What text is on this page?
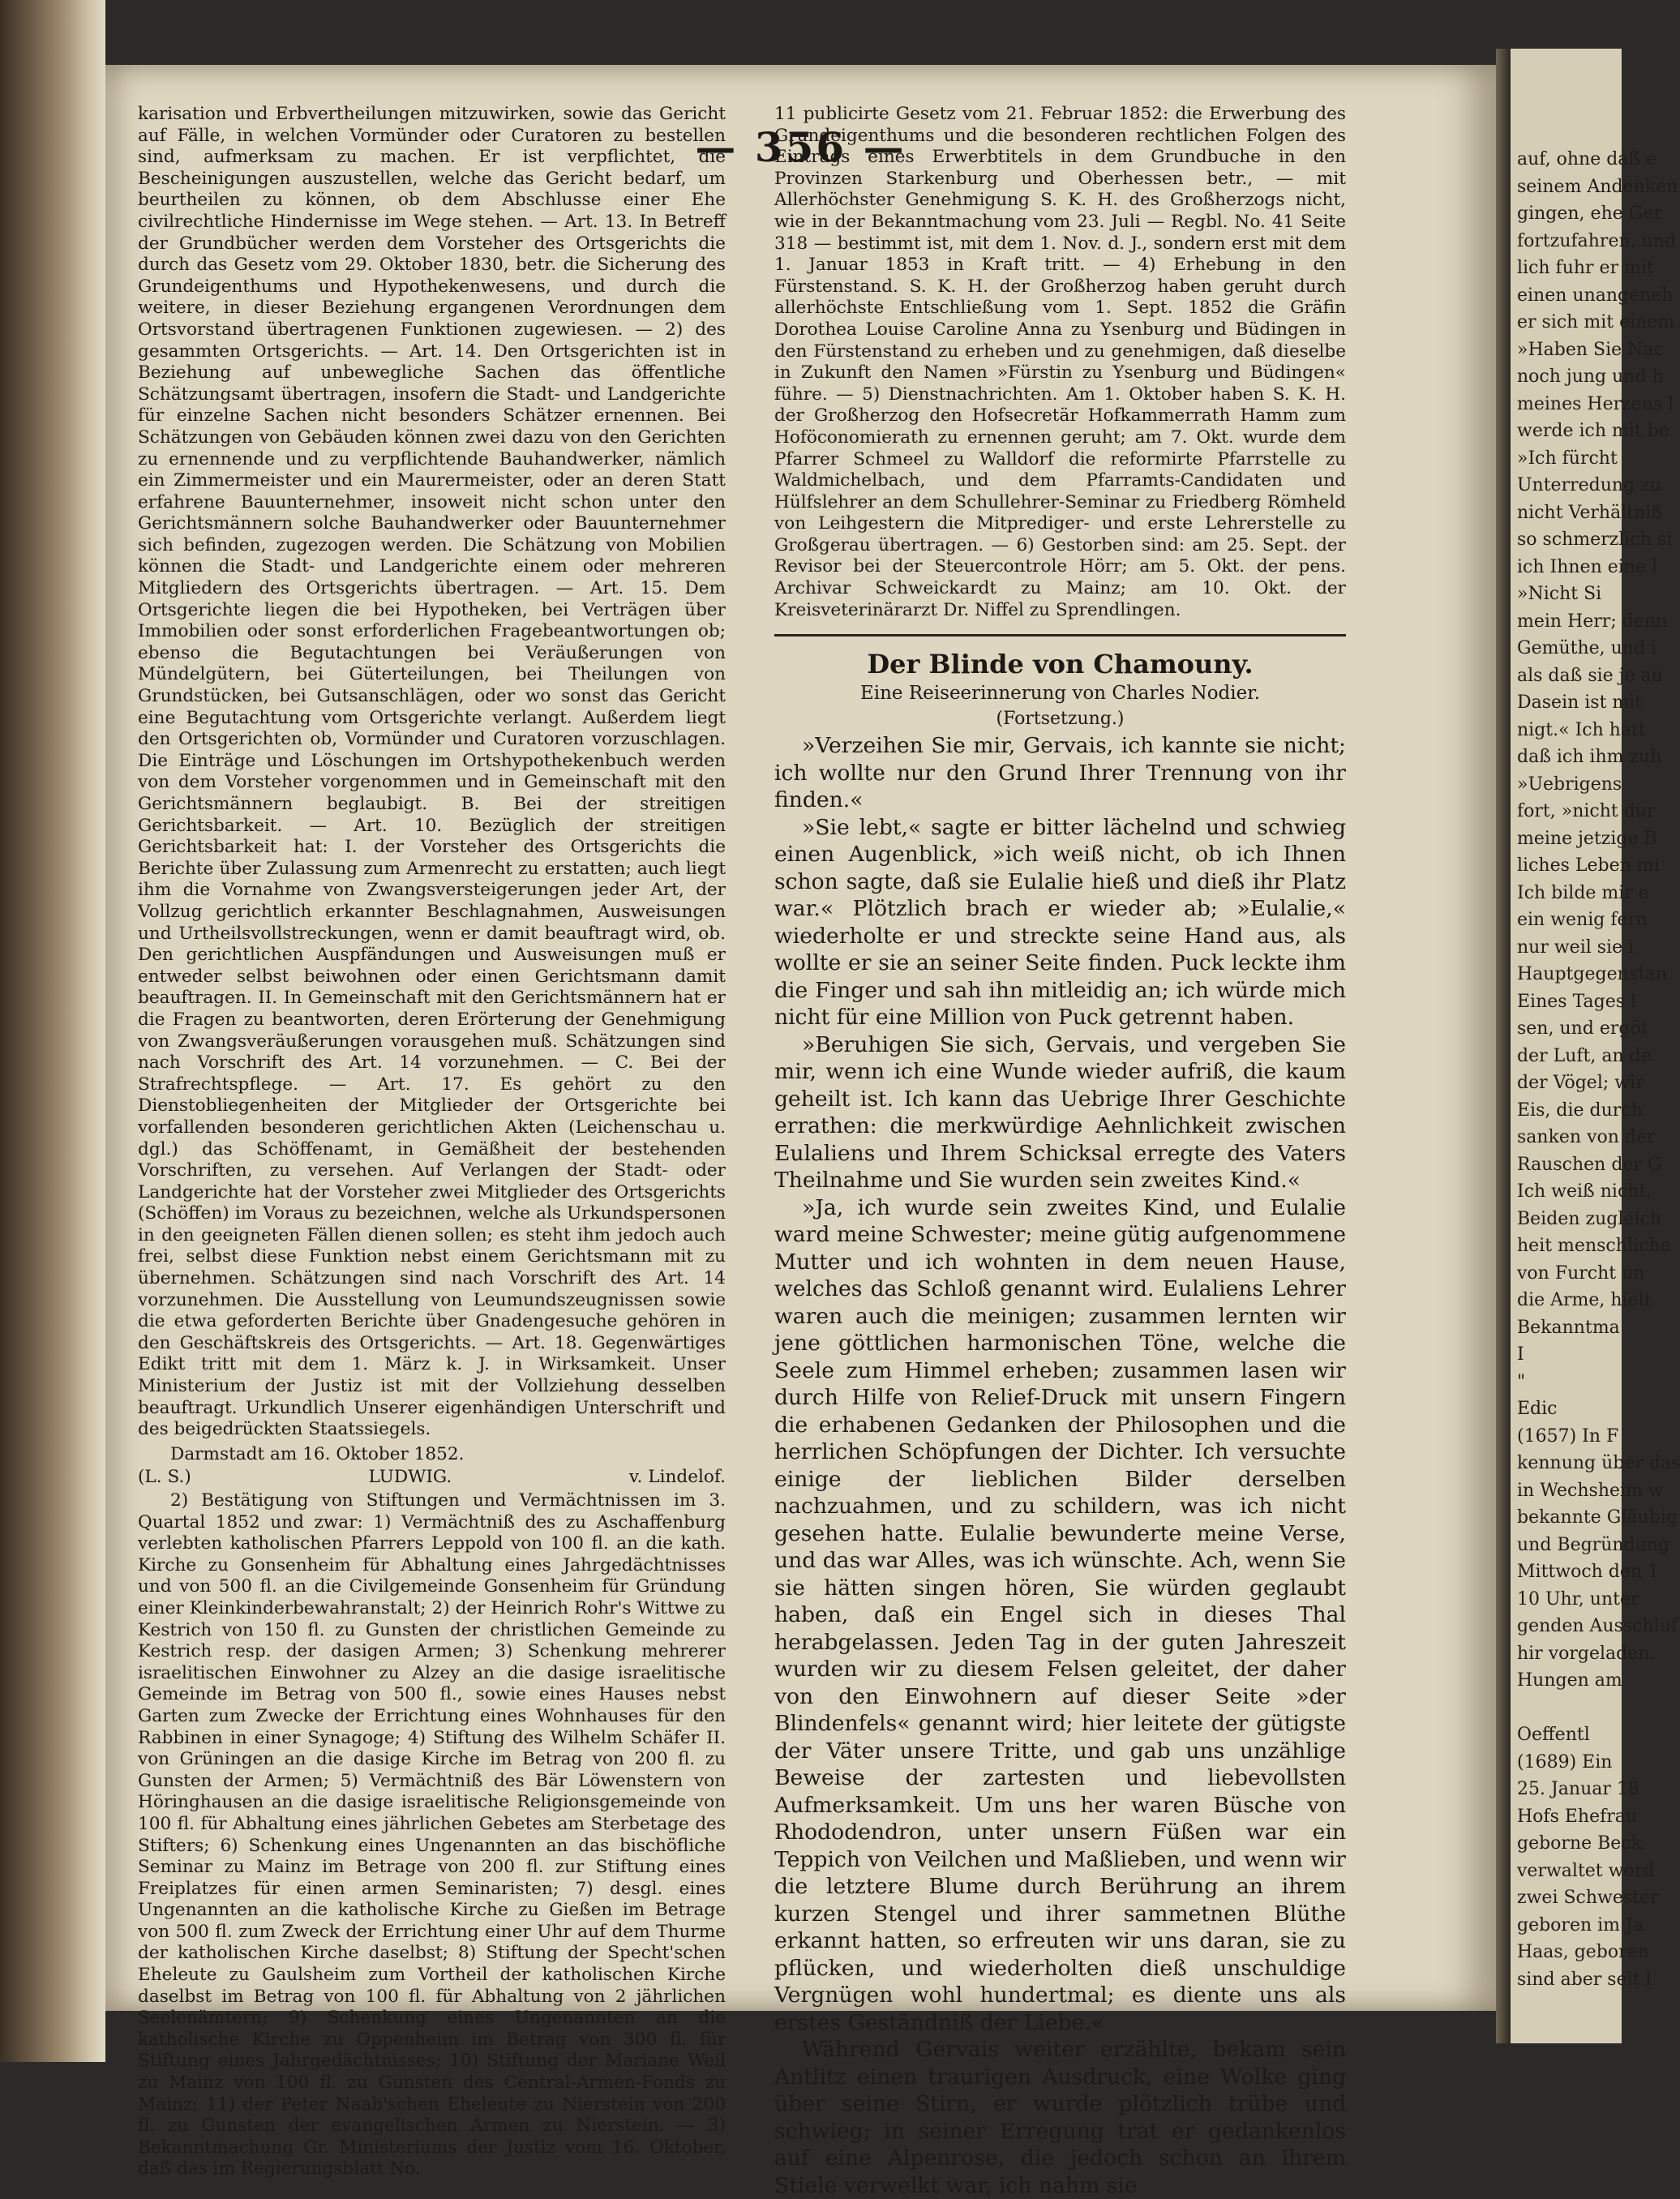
— 356 —

karisation und Erbvertheilungen mitzuwirken, sowie das Gericht auf Fälle, in welchen Vormünder oder Curatoren zu bestellen sind, aufmerksam zu machen. Er ist verpflichtet, die Bescheinigungen auszustellen, welche das Gericht bedarf, um beurtheilen zu können, ob dem Abschlusse einer Ehe civilrechtliche Hindernisse im Wege stehen. — Art. 13. In Betreff der Grundbücher werden dem Vorsteher des Ortsgerichts die durch das Gesetz vom 29. Oktober 1830, betr. die Sicherung des Grundeigenthums und Hypothekenwesens, und durch die weitere, in dieser Beziehung ergangenen Verordnungen dem Ortsvorstand übertragenen Funktionen zugewiesen. — 2) des gesammten Ortsgerichts. — Art. 14. Den Ortsgerichten ist in Beziehung auf unbewegliche Sachen das öffentliche Schätzungsamt übertragen, insofern die Stadt- und Landgerichte für einzelne Sachen nicht besonders Schätzer ernennen. Bei Schätzungen von Gebäuden können zwei dazu von den Gerichten zu ernennende und zu verpflichtende Bauhandwerker, nämlich ein Zimmermeister und ein Maurermeister, oder an deren Statt erfahrene Bauunternehmer, insoweit nicht schon unter den Gerichtsmännern solche Bauhandwerker oder Bauunternehmer sich befinden, zugezogen werden. Die Schätzung von Mobilien können die Stadt- und Landgerichte einem oder mehreren Mitgliedern des Ortsgerichts übertragen. — Art. 15. Dem Ortsgerichte liegen die bei Hypotheken, bei Verträgen über Immobilien oder sonst erforderlichen Fragebeantwortungen ob; ebenso die Begutachtungen bei Veräußerungen von Mündelgütern, bei Güterteilungen, bei Theilungen von Grundstücken, bei Gutsanschlägen, oder wo sonst das Gericht eine Begutachtung vom Ortsgerichte verlangt. Außerdem liegt den Ortsgerichten ob, Vormünder und Curatoren vorzuschlagen. Die Einträge und Löschungen im Ortshypothekenbuch werden von dem Vorsteher vorgenommen und in Gemeinschaft mit den Gerichtsmännern beglaubigt. B. Bei der streitigen Gerichtsbarkeit. — Art. 10. Bezüglich der streitigen Gerichtsbarkeit hat: I. der Vorsteher des Ortsgerichts die Berichte über Zulassung zum Armenrecht zu erstatten; auch liegt ihm die Vornahme von Zwangsversteigerungen jeder Art, der Vollzug gerichtlich erkannter Beschlagnahmen, Ausweisungen und Urtheilsvollstreckungen, wenn er damit beauftragt wird, ob. Den gerichtlichen Auspfändungen und Ausweisungen muß er entweder selbst beiwohnen oder einen Gerichtsmann damit beauftragen. II. In Gemeinschaft mit den Gerichtsmännern hat er die Fragen zu beantworten, deren Erörterung der Genehmigung von Zwangsveräußerungen vorausgehen muß. Schätzungen sind nach Vorschrift des Art. 14 vorzunehmen. — C. Bei der Strafrechtspflege. — Art. 17. Es gehört zu den Dienstobliegenheiten der Mitglieder der Ortsgerichte bei vorfallenden besonderen gerichtlichen Akten (Leichenschau u. dgl.) das Schöffenamt, in Gemäßheit der bestehenden Vorschriften, zu versehen. Auf Verlangen der Stadt- oder Landgerichte hat der Vorsteher zwei Mitglieder des Ortsgerichts (Schöffen) im Voraus zu bezeichnen, welche als Urkundspersonen in den geeigneten Fällen dienen sollen; es steht ihm jedoch auch frei, selbst diese Funktion nebst einem Gerichtsmann mit zu übernehmen. Schätzungen sind nach Vorschrift des Art. 14 vorzunehmen. Die Ausstellung von Leumundszeugnissen sowie die etwa geforderten Berichte über Gnadengesuche gehören in den Geschäftskreis des Ortsgerichts. — Art. 18. Gegenwärtiges Edikt tritt mit dem 1. März k. J. in Wirksamkeit. Unser Ministerium der Justiz ist mit der Vollziehung desselben beauftragt. Urkundlich Unserer eigenhändigen Unterschrift und des beigedrückten Staatssiegels.

Darmstadt am 16. Oktober 1852.

(L. S.)	LUDWIG.	v. Lindelof.

2) Bestätigung von Stiftungen und Vermächtnissen im 3. Quartal 1852 und zwar: 1) Vermächtniß des zu Aschaffenburg verlebten katholischen Pfarrers Leppold von 100 fl. an die kath. Kirche zu Gonsenheim für Abhaltung eines Jahrgedächtnisses und von 500 fl. an die Civilgemeinde Gonsenheim für Gründung einer Kleinkinderbewahranstalt; 2) der Heinrich Rohr's Wittwe zu Kestrich von 150 fl. zu Gunsten der christlichen Gemeinde zu Kestrich resp. der dasigen Armen; 3) Schenkung mehrerer israelitischen Einwohner zu Alzey an die dasige israelitische Gemeinde im Betrag von 500 fl., sowie eines Hauses nebst Garten zum Zwecke der Errichtung eines Wohnhauses für den Rabbinen in einer Synagoge; 4) Stiftung des Wilhelm Schäfer II. von Grüningen an die dasige Kirche im Betrag von 200 fl. zu Gunsten der Armen; 5) Vermächtniß des Bär Löwenstern von Höringhausen an die dasige israelitische Religionsgemeinde von 100 fl. für Abhaltung eines jährlichen Gebetes am Sterbetage des Stifters; 6) Schenkung eines Ungenannten an das bischöfliche Seminar zu Mainz im Betrage von 200 fl. zur Stiftung eines Freiplatzes für einen armen Seminaristen; 7) desgl. eines Ungenannten an die katholische Kirche zu Gießen im Betrage von 500 fl. zum Zweck der Errichtung einer Uhr auf dem Thurme der katholischen Kirche daselbst; 8) Stiftung der Specht'schen Eheleute zu Gaulsheim zum Vortheil der katholischen Kirche daselbst im Betrag von 100 fl. für Abhaltung von 2 jährlichen Seelenämtern; 9) Schenkung eines Ungenannten an die katholische Kirche zu Oppenheim im Betrag von 300 fl. für Stiftung eines Jahrgedächtnisses; 10) Stiftung der Mariane Weil zu Mainz von 100 fl. zu Gunsten des Central-Armen-Fonds zu Mainz; 11) der Peter Naab'schen Eheleute zu Nierstein von 200 fl. zu Gunsten der evangelischen Armen zu Nierstein. — 3) Bekanntmachung Gr. Ministeriums der Justiz vom 16. Oktober, daß das im Regierungsblatt No.

11 publicirte Gesetz vom 21. Februar 1852: die Erwerbung des Grundeigenthums und die besonderen rechtlichen Folgen des Eintrags eines Erwerbtitels in dem Grundbuche in den Provinzen Starkenburg und Oberhessen betr., — mit Allerhöchster Genehmigung S. K. H. des Großherzogs nicht, wie in der Bekanntmachung vom 23. Juli — Regbl. No. 41 Seite 318 — bestimmt ist, mit dem 1. Nov. d. J., sondern erst mit dem 1. Januar 1853 in Kraft tritt. — 4) Erhebung in den Fürstenstand. S. K. H. der Großherzog haben geruht durch allerhöchste Entschließung vom 1. Sept. 1852 die Gräfin Dorothea Louise Caroline Anna zu Ysenburg und Büdingen in den Fürstenstand zu erheben und zu genehmigen, daß dieselbe in Zukunft den Namen »Fürstin zu Ysenburg und Büdingen« führe. — 5) Dienstnachrichten. Am 1. Oktober haben S. K. H. der Großherzog den Hofsecretär Hofkammerrath Hamm zum Hoföconomierath zu ernennen geruht; am 7. Okt. wurde dem Pfarrer Schmeel zu Walldorf die reformirte Pfarrstelle zu Waldmichelbach, und dem Pfarramts-Candidaten und Hülfslehrer an dem Schullehrer-Seminar zu Friedberg Römheld von Leihgestern die Mitprediger- und erste Lehrerstelle zu Großgerau übertragen. — 6) Gestorben sind: am 25. Sept. der Revisor bei der Steuercontrole Hörr; am 5. Okt. der pens. Archivar Schweickardt zu Mainz; am 10. Okt. der Kreisveterinärarzt Dr. Niffel zu Sprendlingen.

Der Blinde von Chamouny.

Eine Reiseerinnerung von Charles Nodier.

(Fortsetzung.)

»Verzeihen Sie mir, Gervais, ich kannte sie nicht; ich wollte nur den Grund Ihrer Trennung von ihr finden.«

»Sie lebt,« sagte er bitter lächelnd und schwieg einen Augenblick, »ich weiß nicht, ob ich Ihnen schon sagte, daß sie Eulalie hieß und dieß ihr Platz war.« Plötzlich brach er wieder ab; »Eulalie,« wiederholte er und streckte seine Hand aus, als wollte er sie an seiner Seite finden. Puck leckte ihm die Finger und sah ihn mitleidig an; ich würde mich nicht für eine Million von Puck getrennt haben.

»Beruhigen Sie sich, Gervais, und vergeben Sie mir, wenn ich eine Wunde wieder aufriß, die kaum geheilt ist. Ich kann das Uebrige Ihrer Geschichte errathen: die merkwürdige Aehnlichkeit zwischen Eulaliens und Ihrem Schicksal erregte des Vaters Theilnahme und Sie wurden sein zweites Kind.«

»Ja, ich wurde sein zweites Kind, und Eulalie ward meine Schwester; meine gütig aufgenommene Mutter und ich wohnten in dem neuen Hause, welches das Schloß genannt wird. Eulaliens Lehrer waren auch die meinigen; zusammen lernten wir jene göttlichen harmonischen Töne, welche die Seele zum Himmel erheben; zusammen lasen wir durch Hilfe von Relief-Druck mit unsern Fingern die erhabenen Gedanken der Philosophen und die herrlichen Schöpfungen der Dichter. Ich versuchte einige der lieblichen Bilder derselben nachzuahmen, und zu schildern, was ich nicht gesehen hatte. Eulalie bewunderte meine Verse, und das war Alles, was ich wünschte. Ach, wenn Sie sie hätten singen hören, Sie würden geglaubt haben, daß ein Engel sich in dieses Thal herabgelassen. Jeden Tag in der guten Jahreszeit wurden wir zu diesem Felsen geleitet, der daher von den Einwohnern auf dieser Seite »der Blindenfels« genannt wird; hier leitete der gütigste der Väter unsere Tritte, und gab uns unzählige Beweise der zartesten und liebevollsten Aufmerksamkeit. Um uns her waren Büsche von Rhododendron, unter unsern Füßen war ein Teppich von Veilchen und Maßlieben, und wenn wir die letztere Blume durch Berührung an ihrem kurzen Stengel und ihrer sammetnen Blüthe erkannt hatten, so erfreuten wir uns daran, sie zu pflücken, und wiederholten dieß unschuldige Vergnügen wohl hundertmal; es diente uns als erstes Geständniß der Liebe.«

Während Gervais weiter erzählte, bekam sein Antlitz einen traurigen Ausdruck, eine Wolke ging über seine Stirn, er wurde plötzlich trübe und schwieg; in seiner Erregung trat er gedankenlos auf eine Alpenrose, die jedoch schon an ihrem Stiele verwelkt war, ich nahm sie

auf, ohne daß e
seinem Andenken
gingen, ehe Ger
fortzufahren, und
lich fuhr er mit
einen unangeneh
er sich mit einem
»Haben Sie Nac
noch jung und h
meines Herzens l
werde ich mit be
»Ich fürcht
Unterredung zu
nicht Verhältniß
so schmerzlich si
ich Ihnen eine l
»Nicht Si
mein Herr; denn
Gemüthe, und i
als daß sie je au
Dasein ist mit
nigt.« Ich hatt
daß ich ihm zuh
»Uebrigens
fort, »nicht dur
meine jetzige B
liches Leben mi
Ich bilde mir e
ein wenig fern
nur weil sie i
Hauptgegenstan
Eines Tages l
sen, und ergöt
der Luft, an de
der Vögel; wir
Eis, die durch
sanken von der
Rauschen der G
Ich weiß nicht,
Beiden zugleich
heit menschliche
von Furcht un
die Arme, hielt
Bekanntma
I
"
Edic
(1657) In F
kennung über das
in Wechsheim w
bekannte Gläubig
und Begründung
Mittwoch den 1
10 Uhr, unter
genden Ausschluf
hir vorgeladen.
Hungen am
Oeffentl
(1689) Ein
25. Januar 18
Hofs Ehefrau
geborne Beck
verwaltet word
zwei Schwester
geboren im Ja
Haas, geboren
sind aber seit l
